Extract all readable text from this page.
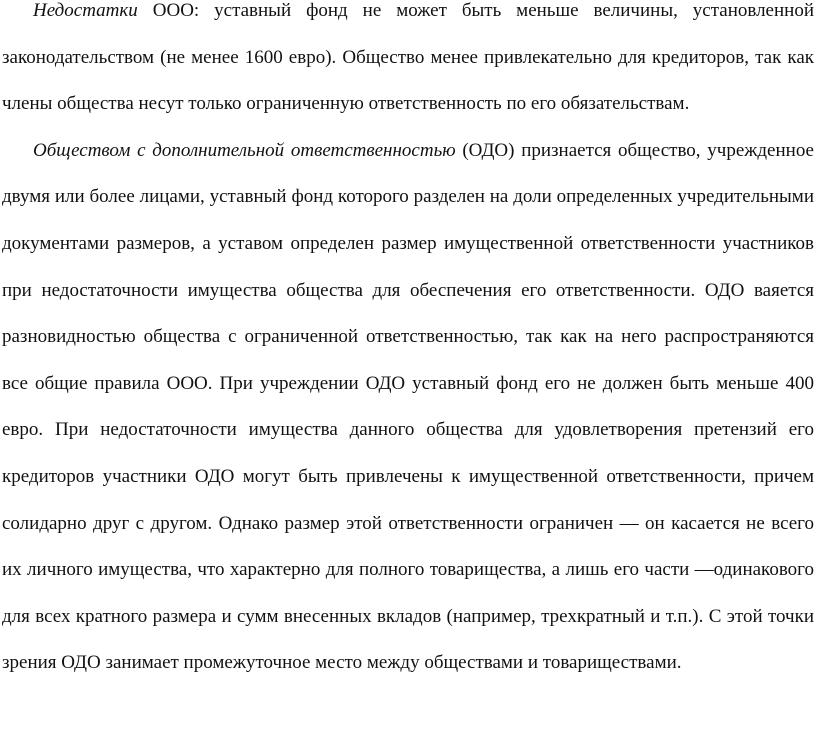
Недостатки ООО: уставный фонд не может быть меньше величины, установленной законодательством (не менее 1600 евро). Общество менее привлекательно для кредиторов, так как члены общества несут только ограниченную ответственность по его обязательствам.

Обществом с дополнительной ответственностью (ОДО) признается общество, учрежденное двумя или более лицами, уставный фонд которого разделен на доли определенных учредительными документами размеров, а уставом определен размер имущественной ответственности участников при недостаточности имущества общества для обеспечения его ответственности. ОДО ваяется разновидностью общества с ограниченной ответственностью, так как на него распространяются все общие правила ООО. При учреждении ОДО уставный фонд его не должен быть меньше 400 евро. При недостаточности имущества данного общества для удовлетворения претензий его кредиторов участники ОДО могут быть привлечены к имущественной ответственности, причем солидарно друг с другом. Однако размер этой ответственности ограничен — он касается не всего их личного имущества, что характерно для полного товарищества, а лишь его части —одинакового для всех кратного размера и сумм внесенных вкладов (например, трехкратный и т.п.). С этой точки зрения ОДО занимает промежуточное место между обществами и товариществами.
